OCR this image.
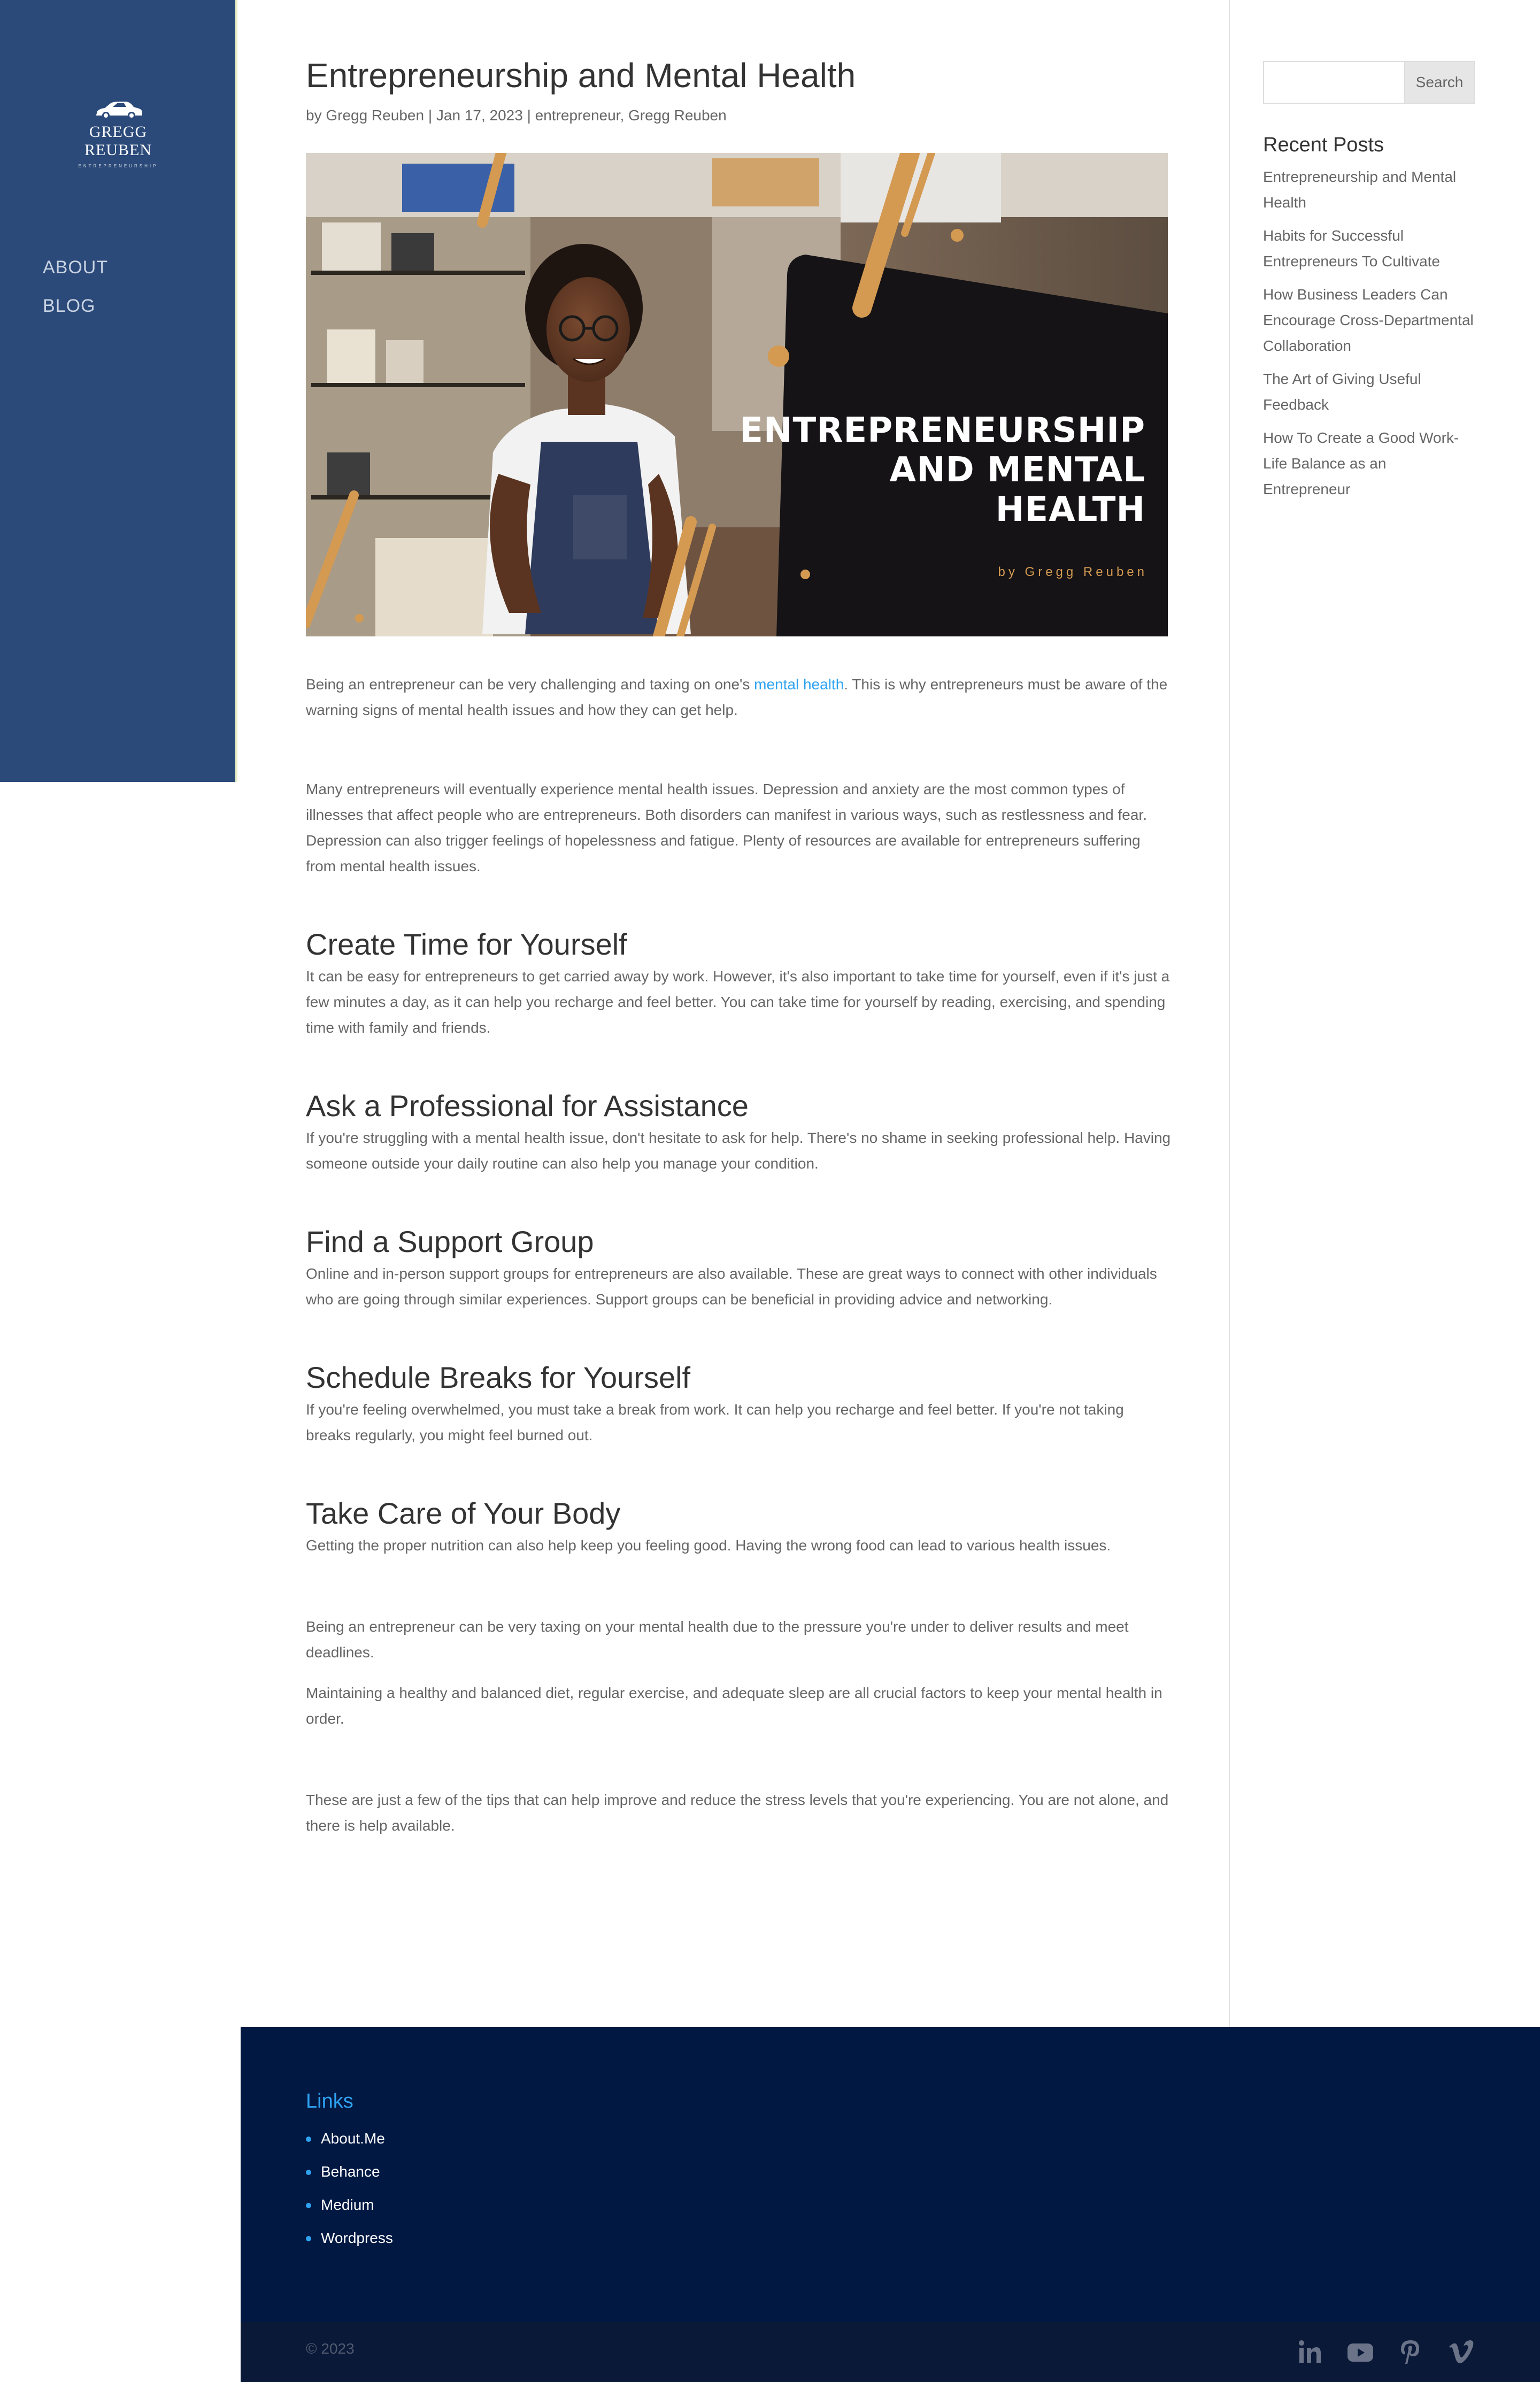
GREGG REUBEN
ENTREPRENEURSHIP
ABOUT
BLOG
Entrepreneurship and Mental Health
by Gregg Reuben | Jan 17, 2023 | entrepreneur, Gregg Reuben
ENTREPRENEURSHIP
AND MENTAL
HEALTH
by Gregg Reuben

Being an entrepreneur can be very challenging and taxing on one's mental health. This is why entrepreneurs must be aware of the warning signs of mental health issues and how they can get help.

Many entrepreneurs will eventually experience mental health issues. Depression and anxiety are the most common types of illnesses that affect people who are entrepreneurs. Both disorders can manifest in various ways, such as restlessness and fear. Depression can also trigger feelings of hopelessness and fatigue. Plenty of resources are available for entrepreneurs suffering from mental health issues.

Create Time for Yourself

It can be easy for entrepreneurs to get carried away by work. However, it's also important to take time for yourself, even if it's just a few minutes a day, as it can help you recharge and feel better. You can take time for yourself by reading, exercising, and spending time with family and friends.

Ask a Professional for Assistance

If you're struggling with a mental health issue, don't hesitate to ask for help. There's no shame in seeking professional help. Having someone outside your daily routine can also help you manage your condition.

Find a Support Group

Online and in-person support groups for entrepreneurs are also available. These are great ways to connect with other individuals who are going through similar experiences. Support groups can be beneficial in providing advice and networking.

Schedule Breaks for Yourself

If you're feeling overwhelmed, you must take a break from work. It can help you recharge and feel better. If you're not taking breaks regularly, you might feel burned out.

Take Care of Your Body

Getting the proper nutrition can also help keep you feeling good. Having the wrong food can lead to various health issues.

Being an entrepreneur can be very taxing on your mental health due to the pressure you're under to deliver results and meet deadlines.

Maintaining a healthy and balanced diet, regular exercise, and adequate sleep are all crucial factors to keep your mental health in order.

These are just a few of the tips that can help improve and reduce the stress levels that you're experiencing. You are not alone, and there is help available.

Search
Recent Posts
Entrepreneurship and Mental Health
Habits for Successful Entrepreneurs To Cultivate
How Business Leaders Can Encourage Cross-Departmental Collaboration
The Art of Giving Useful Feedback
How To Create a Good Work-Life Balance as an Entrepreneur
Links
About.Me
Behance
Medium
Wordpress
© 2023
